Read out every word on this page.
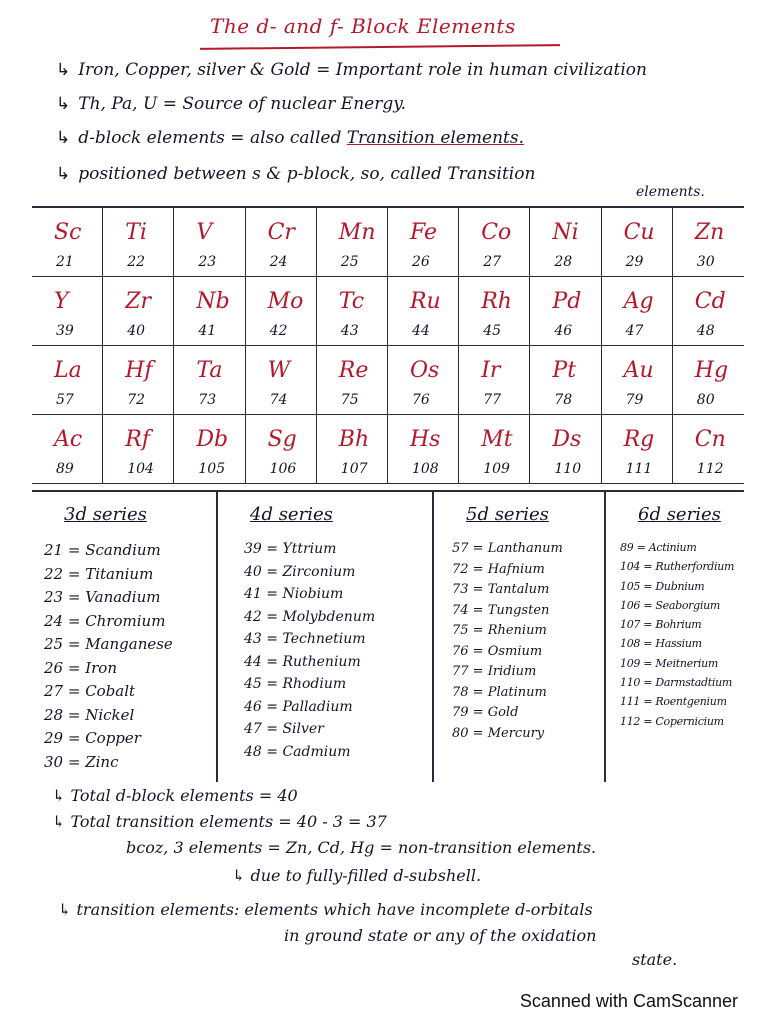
The d- and f- Block Elements
↳ Iron, Copper, silver & Gold = Important role in human civilization
↳ Th, Pa, U = Source of nuclear Energy.
↳ d-block elements = also called Transition elements.
↳ positioned between s & p-block, so, called Transition
elements.
Sc
21
Ti
22
V
23
Cr
24
Mn
25
Fe
26
Co
27
Ni
28
Cu
29
Zn
30
Y
39
Zr
40
Nb
41
Mo
42
Tc
43
Ru
44
Rh
45
Pd
46
Ag
47
Cd
48
La
57
Hf
72
Ta
73
W
74
Re
75
Os
76
Ir
77
Pt
78
Au
79
Hg
80
Ac
89
Rf
104
Db
105
Sg
106
Bh
107
Hs
108
Mt
109
Ds
110
Rg
111
Cn
112
3d series
21 = Scandium
22 = Titanium
23 = Vanadium
24 = Chromium
25 = Manganese
26 = Iron
27 = Cobalt
28 = Nickel
29 = Copper
30 = Zinc
4d series
39 = Yttrium
40 = Zirconium
41 = Niobium
42 = Molybdenum
43 = Technetium
44 = Ruthenium
45 = Rhodium
46 = Palladium
47 = Silver
48 = Cadmium
5d series
57 = Lanthanum
72 = Hafnium
73 = Tantalum
74 = Tungsten
75 = Rhenium
76 = Osmium
77 = Iridium
78 = Platinum
79 = Gold
80 = Mercury
6d series
89 = Actinium
104 = Rutherfordium
105 = Dubnium
106 = Seaborgium
107 = Bohrium
108 = Hassium
109 = Meitnerium
110 = Darmstadtium
111 = Roentgenium
112 = Copernicium
↳ Total d-block elements = 40
↳ Total transition elements = 40 - 3 = 37
bcoz, 3 elements = Zn, Cd, Hg = non-transition elements.
↳ due to fully-filled d-subshell.
↳ transition elements: elements which have incomplete d-orbitals
in ground state or any of the oxidation
state.
Scanned with CamScanner
